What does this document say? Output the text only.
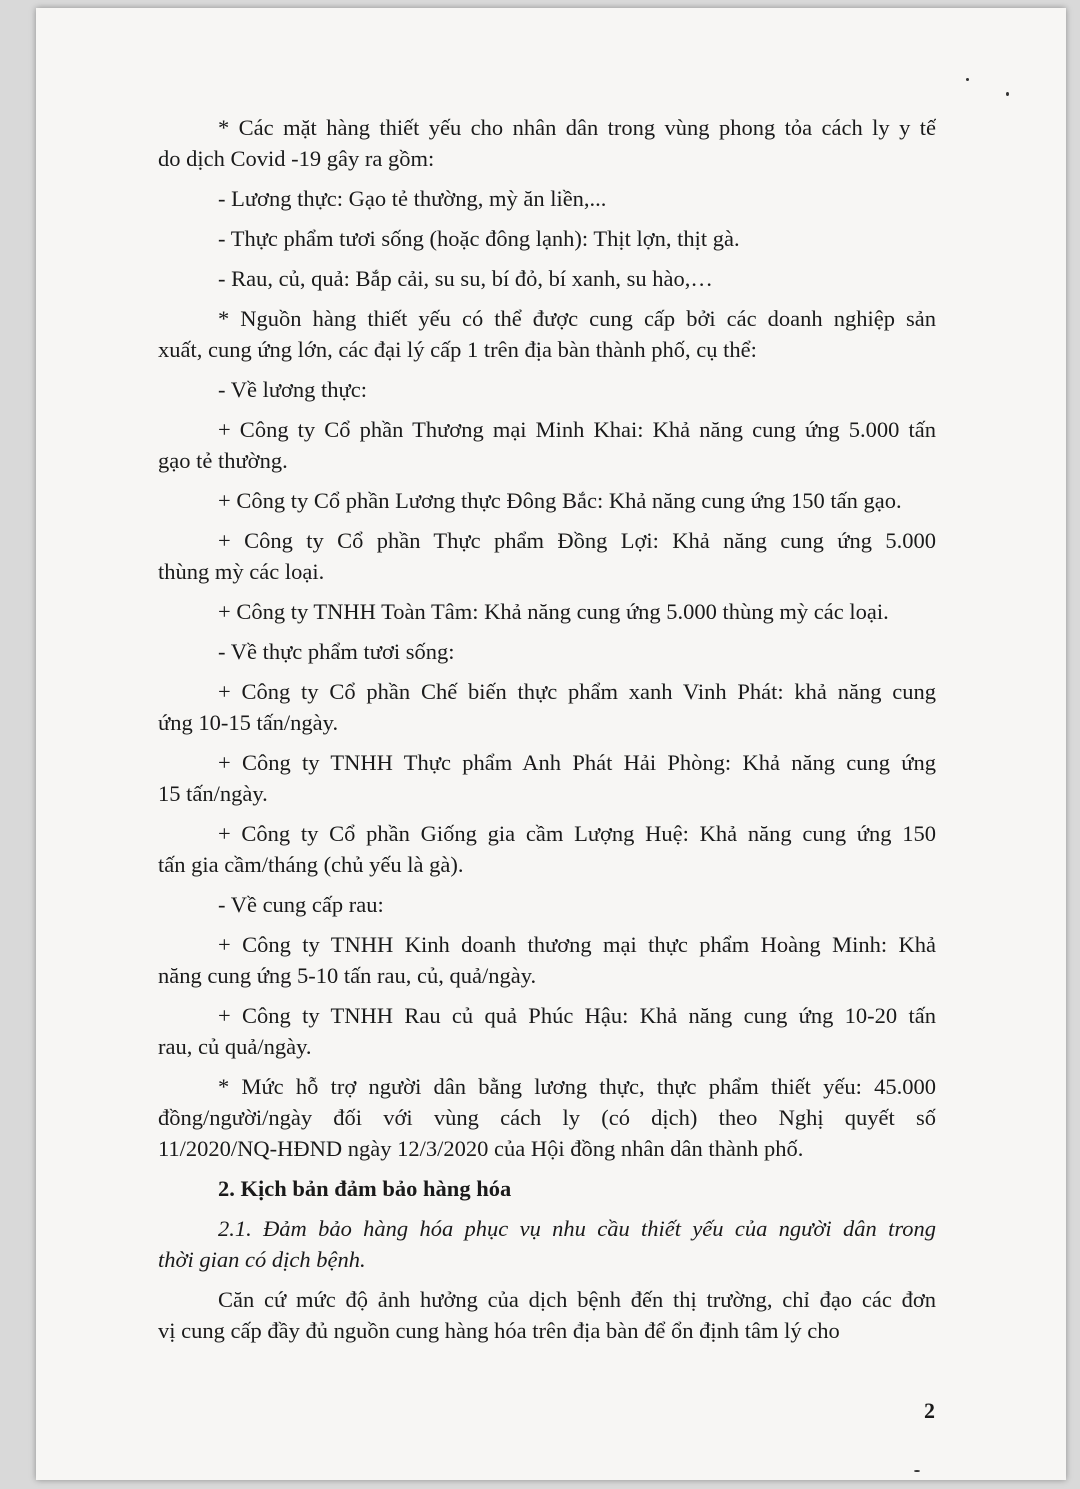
* Các mặt hàng thiết yếu cho nhân dân trong vùng phong tỏa cách ly y tế
do dịch Covid -19 gây ra gồm:
- Lương thực: Gạo tẻ thường, mỳ ăn liền,...
- Thực phẩm tươi sống (hoặc đông lạnh): Thịt lợn, thịt gà.
- Rau, củ, quả: Bắp cải, su su, bí đỏ, bí xanh, su hào,…
* Nguồn hàng thiết yếu có thể được cung cấp bởi các doanh nghiệp sản
xuất, cung ứng lớn, các đại lý cấp 1 trên địa bàn thành phố, cụ thể:
- Về lương thực:
+ Công ty Cổ phần Thương mại Minh Khai: Khả năng cung ứng 5.000 tấn
gạo tẻ thường.
+ Công ty Cổ phần Lương thực Đông Bắc: Khả năng cung ứng 150 tấn gạo.
+ Công ty Cổ phần Thực phẩm Đồng Lợi: Khả năng cung ứng 5.000
thùng mỳ các loại.
+ Công ty TNHH Toàn Tâm: Khả năng cung ứng 5.000 thùng mỳ các loại.
- Về thực phẩm tươi sống:
+ Công ty Cổ phần Chế biến thực phẩm xanh Vinh Phát: khả năng cung
ứng 10-15 tấn/ngày.
+ Công ty TNHH Thực phẩm Anh Phát Hải Phòng: Khả năng cung ứng
15 tấn/ngày.
+ Công ty Cổ phần Giống gia cầm Lượng Huệ: Khả năng cung ứng 150
tấn gia cầm/tháng (chủ yếu là gà).
- Về cung cấp rau:
+ Công ty TNHH Kinh doanh thương mại thực phẩm Hoàng Minh: Khả
năng cung ứng 5-10 tấn rau, củ, quả/ngày.
+ Công ty TNHH Rau củ quả Phúc Hậu: Khả năng cung ứng 10-20 tấn
rau, củ quả/ngày.
* Mức hỗ trợ người dân bằng lương thực, thực phẩm thiết yếu: 45.000
đồng/người/ngày đối với vùng cách ly (có dịch) theo Nghị quyết số
11/2020/NQ-HĐND ngày 12/3/2020 của Hội đồng nhân dân thành phố.
2. Kịch bản đảm bảo hàng hóa
2.1. Đảm bảo hàng hóa phục vụ nhu cầu thiết yếu của người dân trong
thời gian có dịch bệnh.
Căn cứ mức độ ảnh hưởng của dịch bệnh đến thị trường, chỉ đạo các đơn
vị cung cấp đầy đủ nguồn cung hàng hóa trên địa bàn để ổn định tâm lý cho
2
